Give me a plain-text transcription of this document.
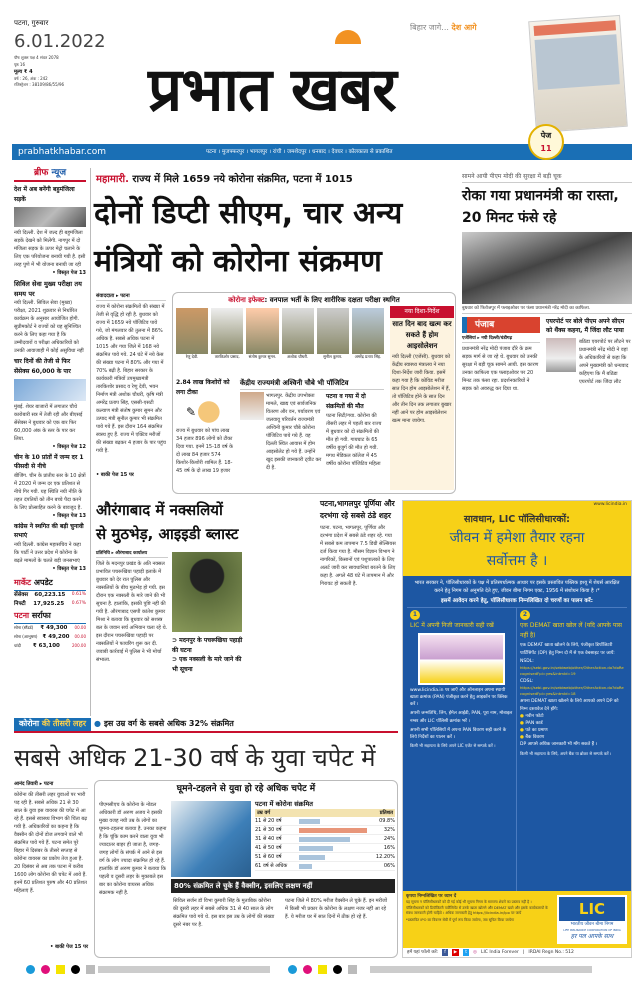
पटना, गुरुवार
6.01.2022
पौष शुक्ल पक्ष 4 संवत 2078
पृष्ठ 16
मूल्य ₹ 4
वर्ष : 26, अंक : 242
रजिस्ट्रेशन : 38109/86/55/96	प्रभात खबर
बिहार जागे... देश आगे
prabhatkhabar.com	पटना । मुजफ्फरपुर । भागलपुर । रांची । जमशेदपुर । धनबाद । देवघर । कोलकाता से प्रकाशित
पेज
11
ब्रीफ न्यूज
देश में अब बनेंगी बहुमंजिला सड़कें
नयी दिल्ली. देश में जल्द ही बहुमंजिला सड़कें देखने को मिलेंगी. नागपुर में दो मंजिला सड़क के ऊपर मेट्रो चलाने के लिए एक परियोजना बनायी गयी है. इसी तरह पुणे में भी योजना बनायी जा रही
• विस्तृत पेज 13
सिविल सेवा मुख्य परीक्षा तय समय पर
नयी दिल्ली. सिविल सेवा (मुख्य) परीक्षा, 2021 शुक्रवार से निर्धारित कार्यक्रम के अनुसार आयोजित होगी. सुप्रीमकोर्ट ने राज्यों को यह सुनिश्चित करने के लिए कहा गया है कि उम्मीदवारों व परीक्षा अधिकारियों को उनकी आवाजाही में कोई असुविधा नहीं
चार दिनों की तेजी से फिर सेंसेक्स 60,000 के पार
मुंबई. शेयर बाजारों में लगातार चौथे कारोबारी सत्र में तेजी रही और बीएसई सेंसेक्स ने बुधवार को एक बार फिर 60,000 अंक के स्तर के पार कर लिया.
• विस्तृत पेज 12
चीन के 10 प्रांतों में जन्म दर 1 फीसदी से नीचे
बीजिंग. चीन के प्रांतीय स्तर के 10 क्षेत्रों में 2020 में जन्म दर एक प्रतिशत से नीचे गिर गयी. यह स्थिति नयी नीति के तहत दंपतियों को तीन बच्चे पैदा करने के लिए प्रोत्साहित करने के बावजूद है.
• विस्तृत पेज 13
कांग्रेस ने स्थगित की बड़ी चुनावी सभाएं
नयी दिल्ली. कांग्रेस महासचिव ने कहा कि पार्टी ने उत्तर प्रदेश में कोरोना के बढ़ते मामलों के चलते बड़ी जनसभाएं
• विस्तृत पेज 13
मार्केट अपडेट
सेंसेक्स 60,223.15 0.61%
निफ्टी 17,925.25 0.67%
पटना सर्राफा
सोना (स्टैंडर्ड) ₹ 49,300 00.00
सोना (आभूषण) ₹ 49,200 00.00
चांदी ₹ 63,100	200.00
महामारी. राज्य में मिले 1659 नये कोरोना संक्रमित, पटना में 1015
दोनों डिप्टी सीएम, चार अन्य
मंत्रियों को कोरोना संक्रमण
संवाददाता ▸ पटना
राज्य में कोरोना संक्रमितों की संख्या में तेजी से वृद्धि हो रही है. बुधवार को राज्य में 1659 नये पॉजिटिव पाये गये, जो मंगलवार की तुलना में 86% अधिक है. सबसे अधिक पटना में 1015 और गया जिले में 168 नये संक्रमित पाये गये. 24 घंटे में नये केस की संख्या पटना में 80% और गया में 70% बढ़ी है. बिहार सरकार के कार्यकारी मंत्रियों उपमुख्यमंत्री तारकिशोर प्रसाद व रेणु देवी, भवन निर्माण मंत्री अशोक चौधरी, कृषि मंत्री अमरेंद्र प्रताप सिंह, एससी-एसटी कल्याण मंत्री संतोष कुमार सुमन और उत्पाद मंत्री सुनील कुमार भी संक्रमित पाये गये हैं. इस दौरान 164 संक्रमित स्वस्थ हुए हैं. राज्य में एक्टिव मरीजों की संख्या बढ़कर 4 हजार के पार पहुंच गयी है.
• बाकी पेज 15 पर
कोरोना इफेक्ट: वनपाल भर्ती के लिए शारीरिक दक्षता परीक्षा स्थगित
रेणु देवी.	तारकिशोर प्रसाद.	संतोष कुमार सुमन.	अशोक चौधरी.	सुनील कुमार.	अमरेंद्र प्रताप सिंह.
2.84 लाख किशोरों को लगा टीका
✎
राज्य में बुधवार को पांच लाख 34 हजार 896 लोगों को टीका दिया गया. इनमें 15-18 वर्ष के दो लाख 84 हजार 574 किशोर-किशोरी शामिल हैं. 18-45 वर्ष के दो लाख 19 हजार
केंद्रीय राज्यमंत्री अश्विनी चौबे भी पॉजिटिव
भागलपुर. केंद्रीय उपभोक्ता मामले, खाद्य एवं सार्वजनिक वितरण और वन, पर्यावरण एवं जलवायु परिवर्तन राज्यमंत्री अश्विनी कुमार चौबे कोरोना पॉजिटिव पाये गये हैं. वह दिल्ली स्थित आवास में होम आइसोलेट हो गये हैं. उन्होंने खुद इसकी जानकारी ट्वीट कर दी है.
पटना व गया में दो संक्रमितों की मौत
पटना सिटी/गया. कोरोना की तीसरी लहर में पहली बार राज्य में बुधवार को दो संक्रमितों की मौत हो गयी. गायघाट के 65 वर्षीय बुजुर्ग की मौत हो गयी. मगध मेडिकल कॉलेज में 45 वर्षीय कोरोना पॉजिटिव महिला
नया दिशा-निर्देश
सात दिन बाद खत्म कर सकते हैं होम आइसोलेशन
नयी दिल्ली (एजेंसी). बुधवार को केंद्रीय स्वास्थ्य मंत्रालय ने नया दिशा-निर्देश जारी किया. इसमें कहा गया है कि कोविड मरीज सात दिन होम आइसोलेशन में हैं, तो पॉजिटिव होने के सात दिन और तीन दिन तक लगातार बुखार नहीं आने पर होम आइसोलेशन खत्म माना जायेगा.
सामने आयी पीएम मोदी की सुरक्षा में बड़ी चूक
रोका गया प्रधानमंत्री का रास्ता, 20 मिनट फंसे रहे
बुधवार को फिरोजपुर में फ्लाइओवर पर फंसा प्रधानमंत्री नरेंद्र मोदी का काफिला.
पंजाब
एजेंसियां ▸ नयी दिल्ली/चंडीगढ़
प्रधानमंत्री नरेंद्र मोदी पंजाब दौरे के क्रम सड़क मार्ग से जा रहे थे. बुधवार को उनकी सुरक्षा में बड़ी चूक सामने आयी. इस कारण उनका काफिला एक फ्लाइओवर पर 20 मिनट तक फंसा रहा. प्रदर्शनकारियों ने सड़क को अवरुद्ध कर दिया था.
एयरपोर्ट पर बोले पीएम अपने सीएम को थैंक्स कहना, मैं जिंदा लौट पाया
बठिंडा एयरपोर्ट पर लौटने पर प्रधानमंत्री नरेंद्र मोदी ने वहां के अधिकारियों से कहा कि अपने मुख्यमंत्री को धन्यवाद कहिएगा कि मैं बठिंडा एयरपोर्ट तक जिंदा लौट
औरंगाबाद में नक्सलियों
से मुठभेड़, आइइडी ब्लास्ट
प्रतिनिधि ▸ औरंगाबाद कार्यालय
जिले के मदनपुर प्रखंड के अति नक्सल प्रभावित पचरूखिया पहाड़ी इलाके में बुधवार को देर रात पुलिस और नक्सलियों के बीच मुठभेड़ हो गयी. इस दौरान एक नक्सली के मारे जाने की भी सूचना है. हालांकि, इसकी पुष्टि नहीं की गयी है. औरंगाबाद एसपी कांतेश कुमार मिश्रा ने बताया कि बुधवार को सशस्त्र बल के जवान सर्च अभियान चला रहे थे. इस दौरान पचरूखिया पहाड़ी पर नक्सलियों ने फायरिंग शुरू कर दी. जवाबी कार्रवाई में पुलिस ने भी मोर्चा संभाला.
⊃ मदनपुर के पचरूखिया पहाड़ी की घटना
⊃ एक नक्सली के मारे जाने की भी सूचना
पटना,भागलपुर पूर्णिया और दरभंगा रहे सबसे ठंडे शहर
पटना. पटना, भागलपुर, पूर्णिया और दरभंगा प्रदेश में सबसे ठंडे शहर रहे. गया में सबसे कम तापमान 7.5 डिग्री सेल्सियस दर्ज किया गया है. मौसम विज्ञान विभाग ने नागरिकों, किसानों एवं पशुपालकों के लिए अलर्ट जारी कर सावधानियां बरतने के लिए कहा है. अगले 48 घंटे में तापमान में और गिरावट हो सकती है.
www.licindia.in
सावधान, LIC पॉलिसीधारकों:
जीवन में हमेशा तैयार रहना
सर्वोत्तम है ।
भारत सरकार ने, पॉलिसीधारकों के पक्ष में प्रतिस्पर्धात्मक आधार पर इसके प्रस्तावित पब्लिक इश्यू में शेयर्स आरक्षित करने हेतु निगम को अनुमति देते हुए, जीवन बीमा निगम एक्ट, 1956 में संशोधन किया है ।*
इसमें आवेदन करने हेतु, पॉलिसीधारक निम्नलिखित दो चरणों का पालन करें:
1
LIC में अपनी निजी जानकारी सही रखें
www.licindia.in पर जाएँ और ऑनलाइन अपना स्थायी खाता क्रमांक (PAN) पंजीकृत करने हेतु आइकॉन पर क्लिक करें ।
अपनी जन्मतिथि, लिंग, ईमेल आईडी, PAN, पूरा नाम, मोबाइल नम्बर और LIC पॉलिसी क्रमांक भरें ।
अपनी सभी पॉलिसियों में अपना PAN विवरण सही करने के लिये निर्देशों का पालन करें ।
किसी भी सहायता के लिये अपने LIC एजेंट से सम्पर्क करें ।
2
एक DEMAT खाता खोल लें (यदि आपके पास नहीं है)
एक DEMAT खाता खोलने के लिये, पंजीकृत डिपॉजिटरी पार्टिसिपेंट (DP) हेतु निम्न दो में से एक वेबसाइट पर जायें:
NSDL:
https://sebi.gov.in/sebiweb/other/OtherAction.do?doRecognisedFpi=yes&intmId=19
CDSL:
https://sebi.gov.in/sebiweb/other/OtherAction.do?doRecognisedFpi=yes&intmId=18
अपना DEMAT खाता खोलने के लिये आपको अपने DP को निम्न दस्तावेज देने होंगे:
● नवीन फोटो
● PAN कार्ड
● पते का प्रमाण
● बैंक विवरण
DP आपसे अधिक जानकारी भी माँग सकते हैं ।
किसी भी सहायता के लिये, अपने बैंक या ब्रोकर से सम्पर्क करें ।
कृपया निम्नलिखित पर ध्यान दें
यह सूचना न पॉलिसीधारकों को दी गई कोई भी सूचना निगम के सामान्य शेयरों का प्रस्ताव नहीं है । पॉलिसीधारकों को डिपॉजिटरी पार्टिसिपेंट से उनके खाता खोलने और DEMAT खाते और इसके कार्यकलापों के संबंध जानकारी होनी चाहिये । अधिक जानकारी हेतु https://licindia.in/ipo पर जायें
*प्रस्तावित IPO का विवरण सेबी में पूर्ण रूप किया जायेगा, जब सूचित किया जायेगा
LIC
भारतीय जीवन बीमा निगम
LIFE INSURANCE CORPORATION OF INDIA
हर पल आपके साथ
हमें यहां फॉलो करें:	f	▶	t	◎ LIC India Forever | IRDAI Regn No.: 512
कोरोना की तीसरी लहर	● इस उम्र वर्ग के सबसे अधिक 32% संक्रमित
सबसे अधिक 21-30 वर्ष के युवा चपेट में
आनंद तिवारी ▸ पटना
कोरोना की तीसरी लहर युवाओं पर भारी पड़ रही है. सबसे अधिक 21 से 30 साल के युवा इस वायरस की चपेट में आ रहे हैं. इससे स्वास्थ्य विभाग की चिंता बढ़ गयी है. अधिकारियों का कहना है कि वैक्सीन की दोनों डोज लगवाने वाले भी संक्रमित पाये गये हैं. पटना समेत पूरे बिहार में दिसंबर के तीसरे सप्ताह से कोरोना वायरस का प्रकोप तेज हुआ है. 20 दिसंबर से अब तक पटना में करीब 1600 लोग कोरोना की चपेट में आये हैं. इनमें 60 प्रतिशत पुरुष और 40 प्रतिशत महिलाएं हैं.
• बाकी पेज 15 पर
घूमने-टहलने से युवा हो रहे अधिक चपेट में
पीएमसीएच के कोरोना के नोडल अधिकारी डॉ अरुण अजय ने इसकी मुख्य वजह नयी उम्र के लोगों का घूमना-टहलना बताया है. उनका कहना है कि चूंकि काम करने वाला युवा भी ज्यादातर बाहर ही जाता है, जगह-जगह लोगों के संपर्क में आने से इस वर्ग के लोग ज्यादा संक्रमित हो रहे हैं. हालांकि डॉ अरुण कुमार ने बताया कि पहली व दूसरी लहर के मुकाबले इस बार का कोरोना वायरस अधिक संक्रामक नहीं है.
80% संक्रमित ले चुके हैं वैक्सीन, इसलिए लक्षण नहीं
सिविल सर्जन डॉ विभा कुमारी सिंह के मुताबिक कोरोना की दूसरी लहर में सबसे अधिक 31 से 40 साल के लोग संक्रमित पाये गये थे. इस बार इस उम्र के लोगों की संख्या दूसरे नंबर पर है.
पटना जिले में 80% मरीज वैक्सीन ले चुके हैं. इन मरीजों में किसी भी प्रकार के कोरोना के लक्षण नजर नहीं आ रहे हैं. ये मरीज घर में सात दिनों में ठीक हो रहे हैं.
पटना में कोरोना संक्रमित
उम्र वर्ग	प्रतिशत
11 से 20 वर्ष	09.8%
21 से 30 वर्ष	32%
31 से 40 वर्ष	24%
41 से 50 वर्ष	16%
51 से 60 वर्ष	12.20%
61 वर्ष से अधिक	06%
